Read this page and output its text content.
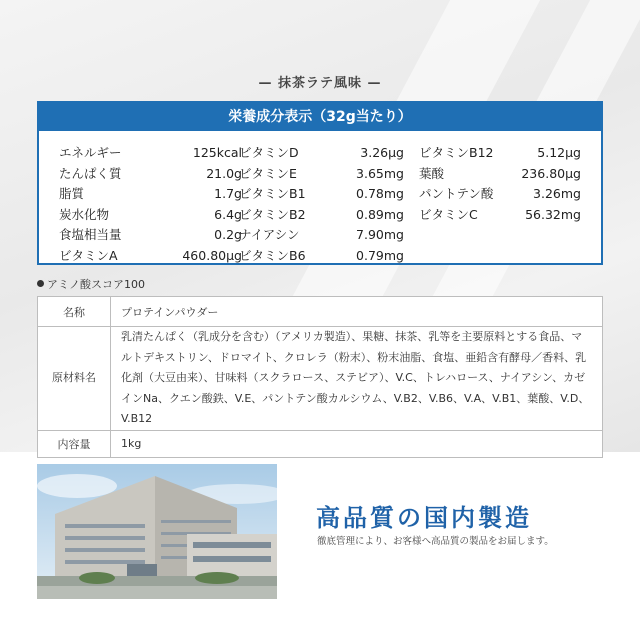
— 抹茶ラテ風味 —
栄養成分表示（32g当たり）
エネルギー	125kcal
たんぱく質	21.0g
脂質	1.7g
炭水化物	6.4g
食塩相当量	0.2g
ビタミンA	460.80μg
ビタミンD	3.26μg
ビタミンE	3.65mg
ビタミンB1	0.78mg
ビタミンB2	0.89mg
ナイアシン	7.90mg
ビタミンB6	0.79mg
ビタミンB12	5.12μg
葉酸	236.80μg
パントテン酸	3.26mg
ビタミンC	56.32mg
アミノ酸スコア100
名称	プロテインパウダー
原材料名	乳清たんぱく（乳成分を含む）（アメリカ製造）、果糖、抹茶、乳等を主要原料とする食品、マルトデキストリン、ドロマイト、クロレラ（粉末）、粉末油脂、食塩、亜鉛含有酵母／香料、乳化剤（大豆由来）、甘味料（スクラロース、ステビア）、V.C、トレハロース、ナイアシン、カゼインNa、クエン酸鉄、V.E、パントテン酸カルシウム、V.B2、V.B6、V.A、V.B1、葉酸、V.D、V.B12
内容量	1kg
高品質の国内製造
徹底管理により、お客様へ高品質の製品をお届します。
